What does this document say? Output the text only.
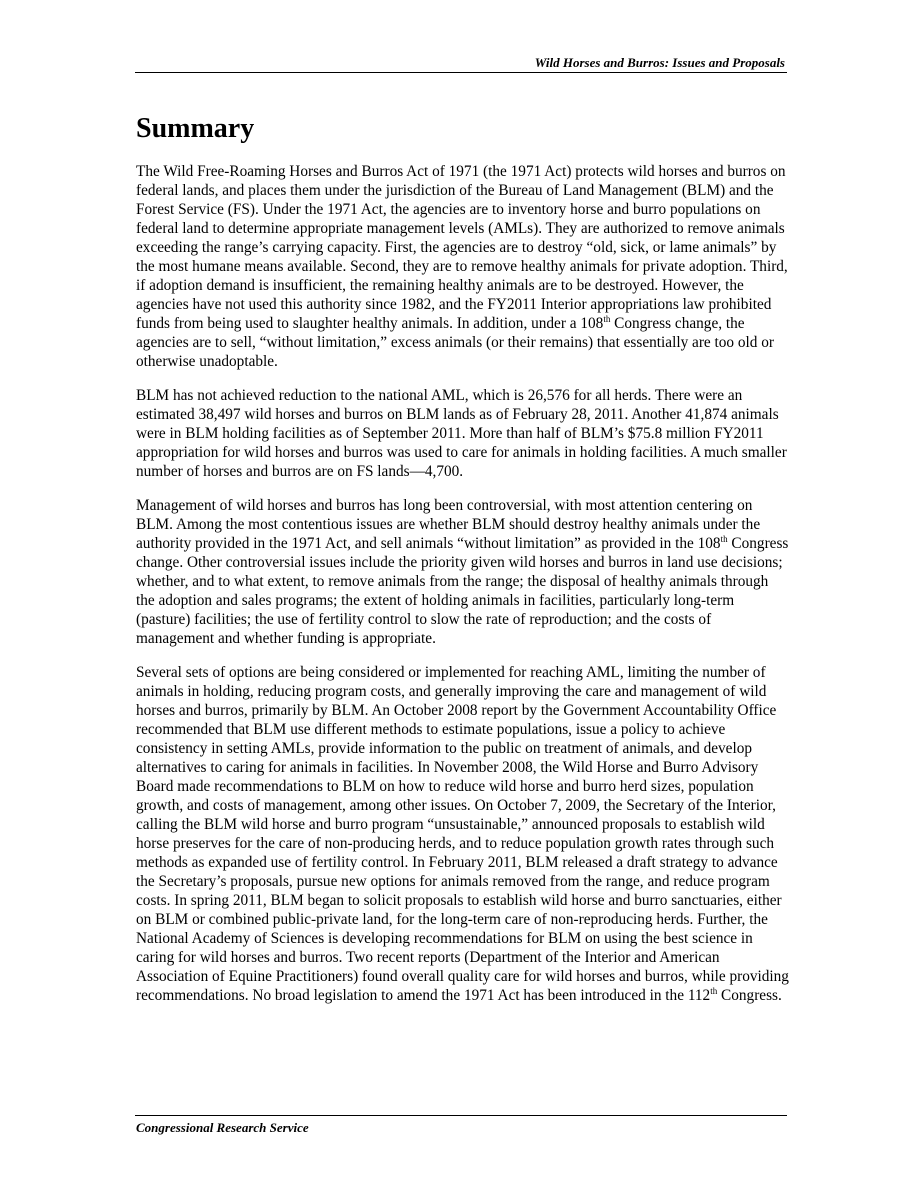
Wild Horses and Burros: Issues and Proposals
Summary

The Wild Free-Roaming Horses and Burros Act of 1971 (the 1971 Act) protects wild horses and burros on federal lands, and places them under the jurisdiction of the Bureau of Land Management (BLM) and the Forest Service (FS). Under the 1971 Act, the agencies are to inventory horse and burro populations on federal land to determine appropriate management levels (AMLs). They are authorized to remove animals exceeding the range’s carrying capacity. First, the agencies are to destroy “old, sick, or lame animals” by the most humane means available. Second, they are to remove healthy animals for private adoption. Third, if adoption demand is insufficient, the remaining healthy animals are to be destroyed. However, the agencies have not used this authority since 1982, and the FY2011 Interior appropriations law prohibited funds from being used to slaughter healthy animals. In addition, under a 108th Congress change, the agencies are to sell, “without limitation,” excess animals (or their remains) that essentially are too old or otherwise unadoptable.

BLM has not achieved reduction to the national AML, which is 26,576 for all herds. There were an estimated 38,497 wild horses and burros on BLM lands as of February 28, 2011. Another 41,874 animals were in BLM holding facilities as of September 2011. More than half of BLM’s $75.8 million FY2011 appropriation for wild horses and burros was used to care for animals in holding facilities. A much smaller number of horses and burros are on FS lands—4,700.

Management of wild horses and burros has long been controversial, with most attention centering on BLM. Among the most contentious issues are whether BLM should destroy healthy animals under the authority provided in the 1971 Act, and sell animals “without limitation” as provided in the 108th Congress change. Other controversial issues include the priority given wild horses and burros in land use decisions; whether, and to what extent, to remove animals from the range; the disposal of healthy animals through the adoption and sales programs; the extent of holding animals in facilities, particularly long-term (pasture) facilities; the use of fertility control to slow the rate of reproduction; and the costs of management and whether funding is appropriate.

Several sets of options are being considered or implemented for reaching AML, limiting the number of animals in holding, reducing program costs, and generally improving the care and management of wild horses and burros, primarily by BLM. An October 2008 report by the Government Accountability Office recommended that BLM use different methods to estimate populations, issue a policy to achieve consistency in setting AMLs, provide information to the public on treatment of animals, and develop alternatives to caring for animals in facilities. In November 2008, the Wild Horse and Burro Advisory Board made recommendations to BLM on how to reduce wild horse and burro herd sizes, population growth, and costs of management, among other issues. On October 7, 2009, the Secretary of the Interior, calling the BLM wild horse and burro program “unsustainable,” announced proposals to establish wild horse preserves for the care of non-producing herds, and to reduce population growth rates through such methods as expanded use of fertility control. In February 2011, BLM released a draft strategy to advance the Secretary’s proposals, pursue new options for animals removed from the range, and reduce program costs. In spring 2011, BLM began to solicit proposals to establish wild horse and burro sanctuaries, either on BLM or combined public-private land, for the long-term care of non-reproducing herds. Further, the National Academy of Sciences is developing recommendations for BLM on using the best science in caring for wild horses and burros. Two recent reports (Department of the Interior and American Association of Equine Practitioners) found overall quality care for wild horses and burros, while providing recommendations. No broad legislation to amend the 1971 Act has been introduced in the 112th Congress.

Congressional Research Service
